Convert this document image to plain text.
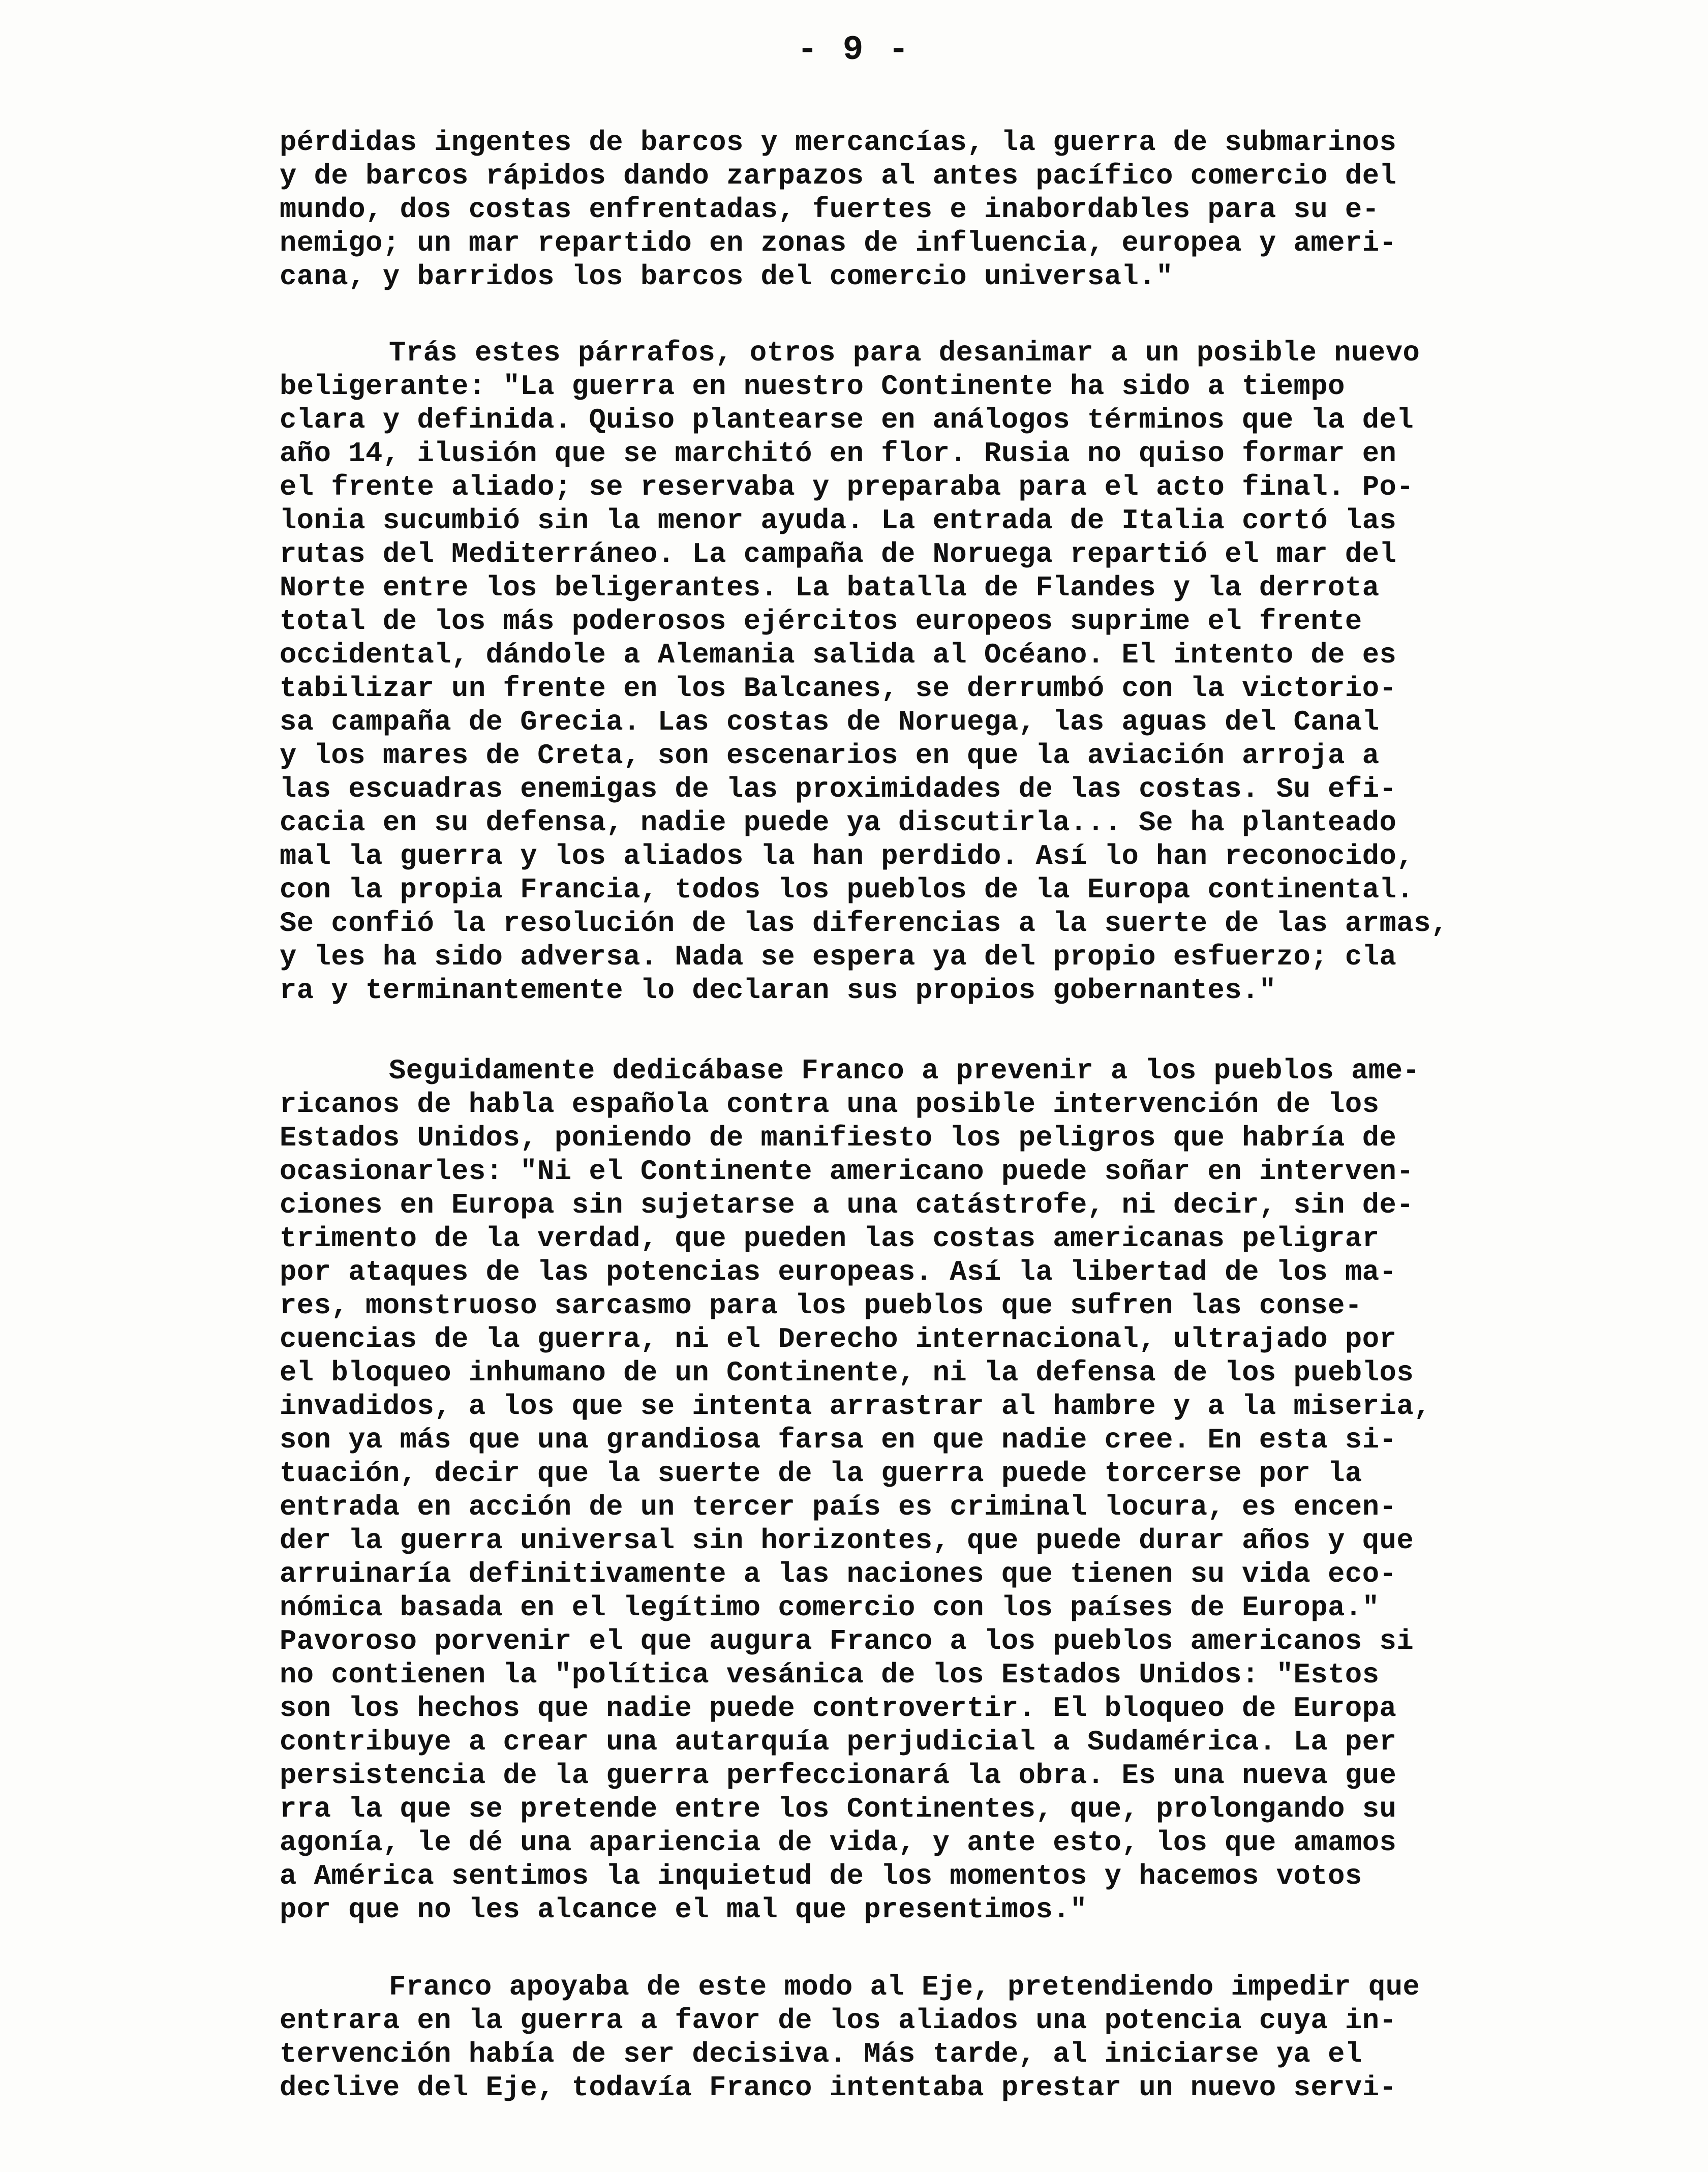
- 9 -
pérdidas ingentes de barcos y mercancías, la guerra de submarinos
y de barcos rápidos dando zarpazos al antes pacífico comercio del
mundo, dos costas enfrentadas, fuertes e inabordables para su e-
nemigo; un mar repartido en zonas de influencia, europea y ameri-
cana, y barridos los barcos del comercio universal."
Trás estes párrafos, otros para desanimar a un posible nuevo
beligerante: "La guerra en nuestro Continente ha sido a tiempo
clara y definida. Quiso plantearse en análogos términos que la del
año 14, ilusión que se marchitó en flor. Rusia no quiso formar en
el frente aliado; se reservaba y preparaba para el acto final. Po-
lonia sucumbió sin la menor ayuda. La entrada de Italia cortó las
rutas del Mediterráneo. La campaña de Noruega repartió el mar del
Norte entre los beligerantes. La batalla de Flandes y la derrota
total de los más poderosos ejércitos europeos suprime el frente
occidental, dándole a Alemania salida al Océano. El intento de es
tabilizar un frente en los Balcanes, se derrumbó con la victorio-
sa campaña de Grecia. Las costas de Noruega, las aguas del Canal
y los mares de Creta, son escenarios en que la aviación arroja a
las escuadras enemigas de las proximidades de las costas. Su efi-
cacia en su defensa, nadie puede ya discutirla... Se ha planteado
mal la guerra y los aliados la han perdido. Así lo han reconocido,
con la propia Francia, todos los pueblos de la Europa continental.
Se confió la resolución de las diferencias a la suerte de las armas,
y les ha sido adversa. Nada se espera ya del propio esfuerzo; cla
ra y terminantemente lo declaran sus propios gobernantes."
Seguidamente dedicábase Franco a prevenir a los pueblos ame-
ricanos de habla española contra una posible intervención de los
Estados Unidos, poniendo de manifiesto los peligros que habría de
ocasionarles: "Ni el Continente americano puede soñar en interven-
ciones en Europa sin sujetarse a una catástrofe, ni decir, sin de-
trimento de la verdad, que pueden las costas americanas peligrar
por ataques de las potencias europeas. Así la libertad de los ma-
res, monstruoso sarcasmo para los pueblos que sufren las conse-
cuencias de la guerra, ni el Derecho internacional, ultrajado por
el bloqueo inhumano de un Continente, ni la defensa de los pueblos
invadidos, a los que se intenta arrastrar al hambre y a la miseria,
son ya más que una grandiosa farsa en que nadie cree. En esta si-
tuación, decir que la suerte de la guerra puede torcerse por la
entrada en acción de un tercer país es criminal locura, es encen-
der la guerra universal sin horizontes, que puede durar años y que
arruinaría definitivamente a las naciones que tienen su vida eco-
nómica basada en el legítimo comercio con los países de Europa."
Pavoroso porvenir el que augura Franco a los pueblos americanos si
no contienen la "política vesánica de los Estados Unidos: "Estos
son los hechos que nadie puede controvertir. El bloqueo de Europa
contribuye a crear una autarquía perjudicial a Sudamérica. La per
persistencia de la guerra perfeccionará la obra. Es una nueva gue
rra la que se pretende entre los Continentes, que, prolongando su
agonía, le dé una apariencia de vida, y ante esto, los que amamos
a América sentimos la inquietud de los momentos y hacemos votos
por que no les alcance el mal que presentimos."
Franco apoyaba de este modo al Eje, pretendiendo impedir que
entrara en la guerra a favor de los aliados una potencia cuya in-
tervención había de ser decisiva. Más tarde, al iniciarse ya el
declive del Eje, todavía Franco intentaba prestar un nuevo servi-
